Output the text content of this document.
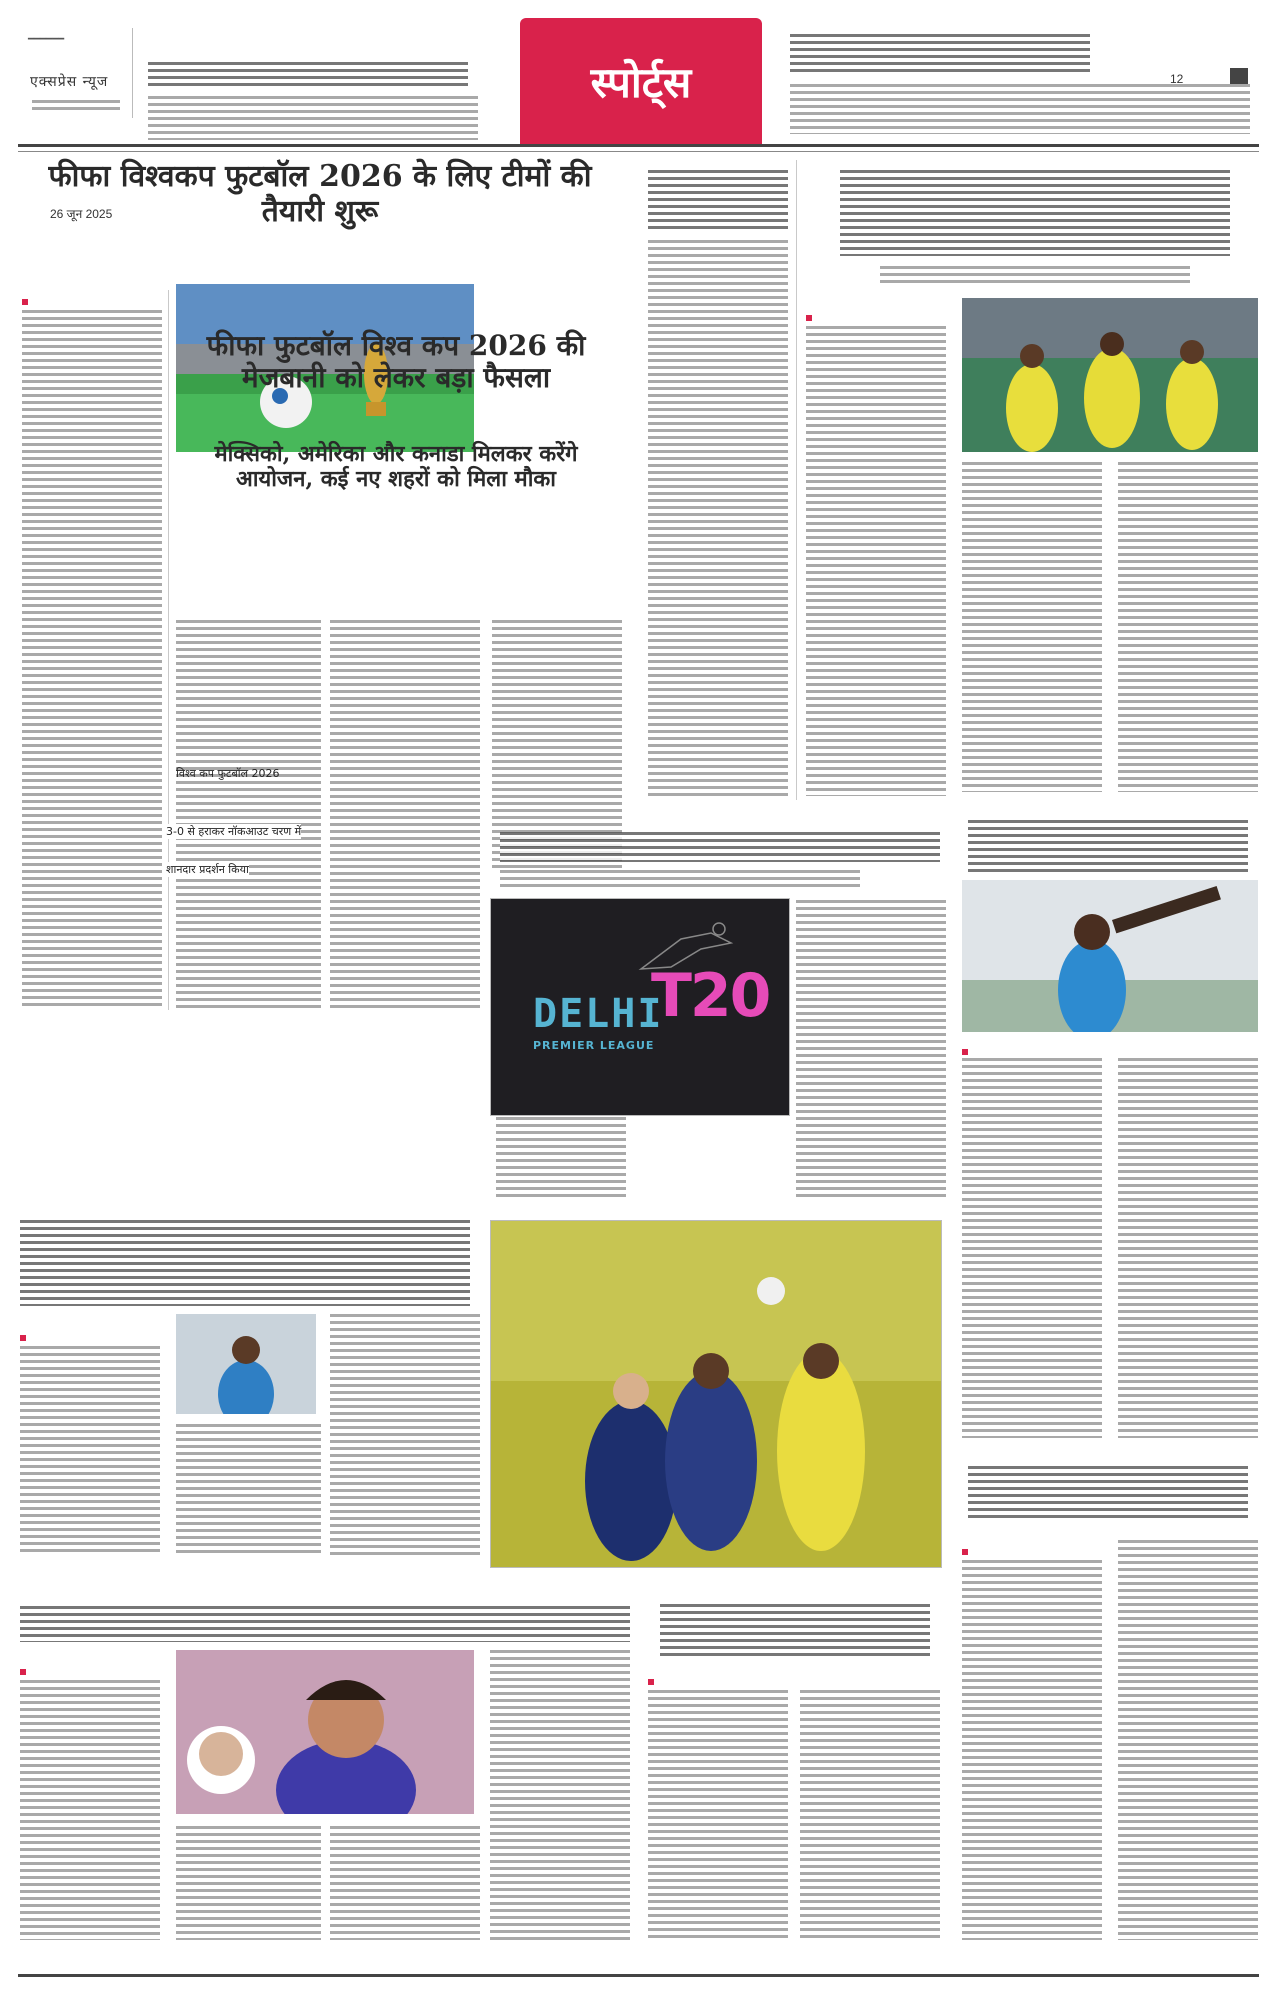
━━━━━━
एक्सप्रेस न्यूज	स्पोर्ट्स	12
26 जून 2025
फीफा विश्वकप फुटबॉल 2026 के लिए टीमों की तैयारी शुरू
फीफा फुटबॉल विश्व कप 2026 की मेजबानी को लेकर बड़ा फैसला
मेक्सिको, अमेरिका और कनाडा मिलकर करेंगे आयोजन, कई नए शहरों को मिला मौका
विश्व कप फुटबॉल 2026
3-0 से हराकर नॉकआउट चरण में
शानदार प्रदर्शन किया
T20
DELHI
PREMIER LEAGUE
